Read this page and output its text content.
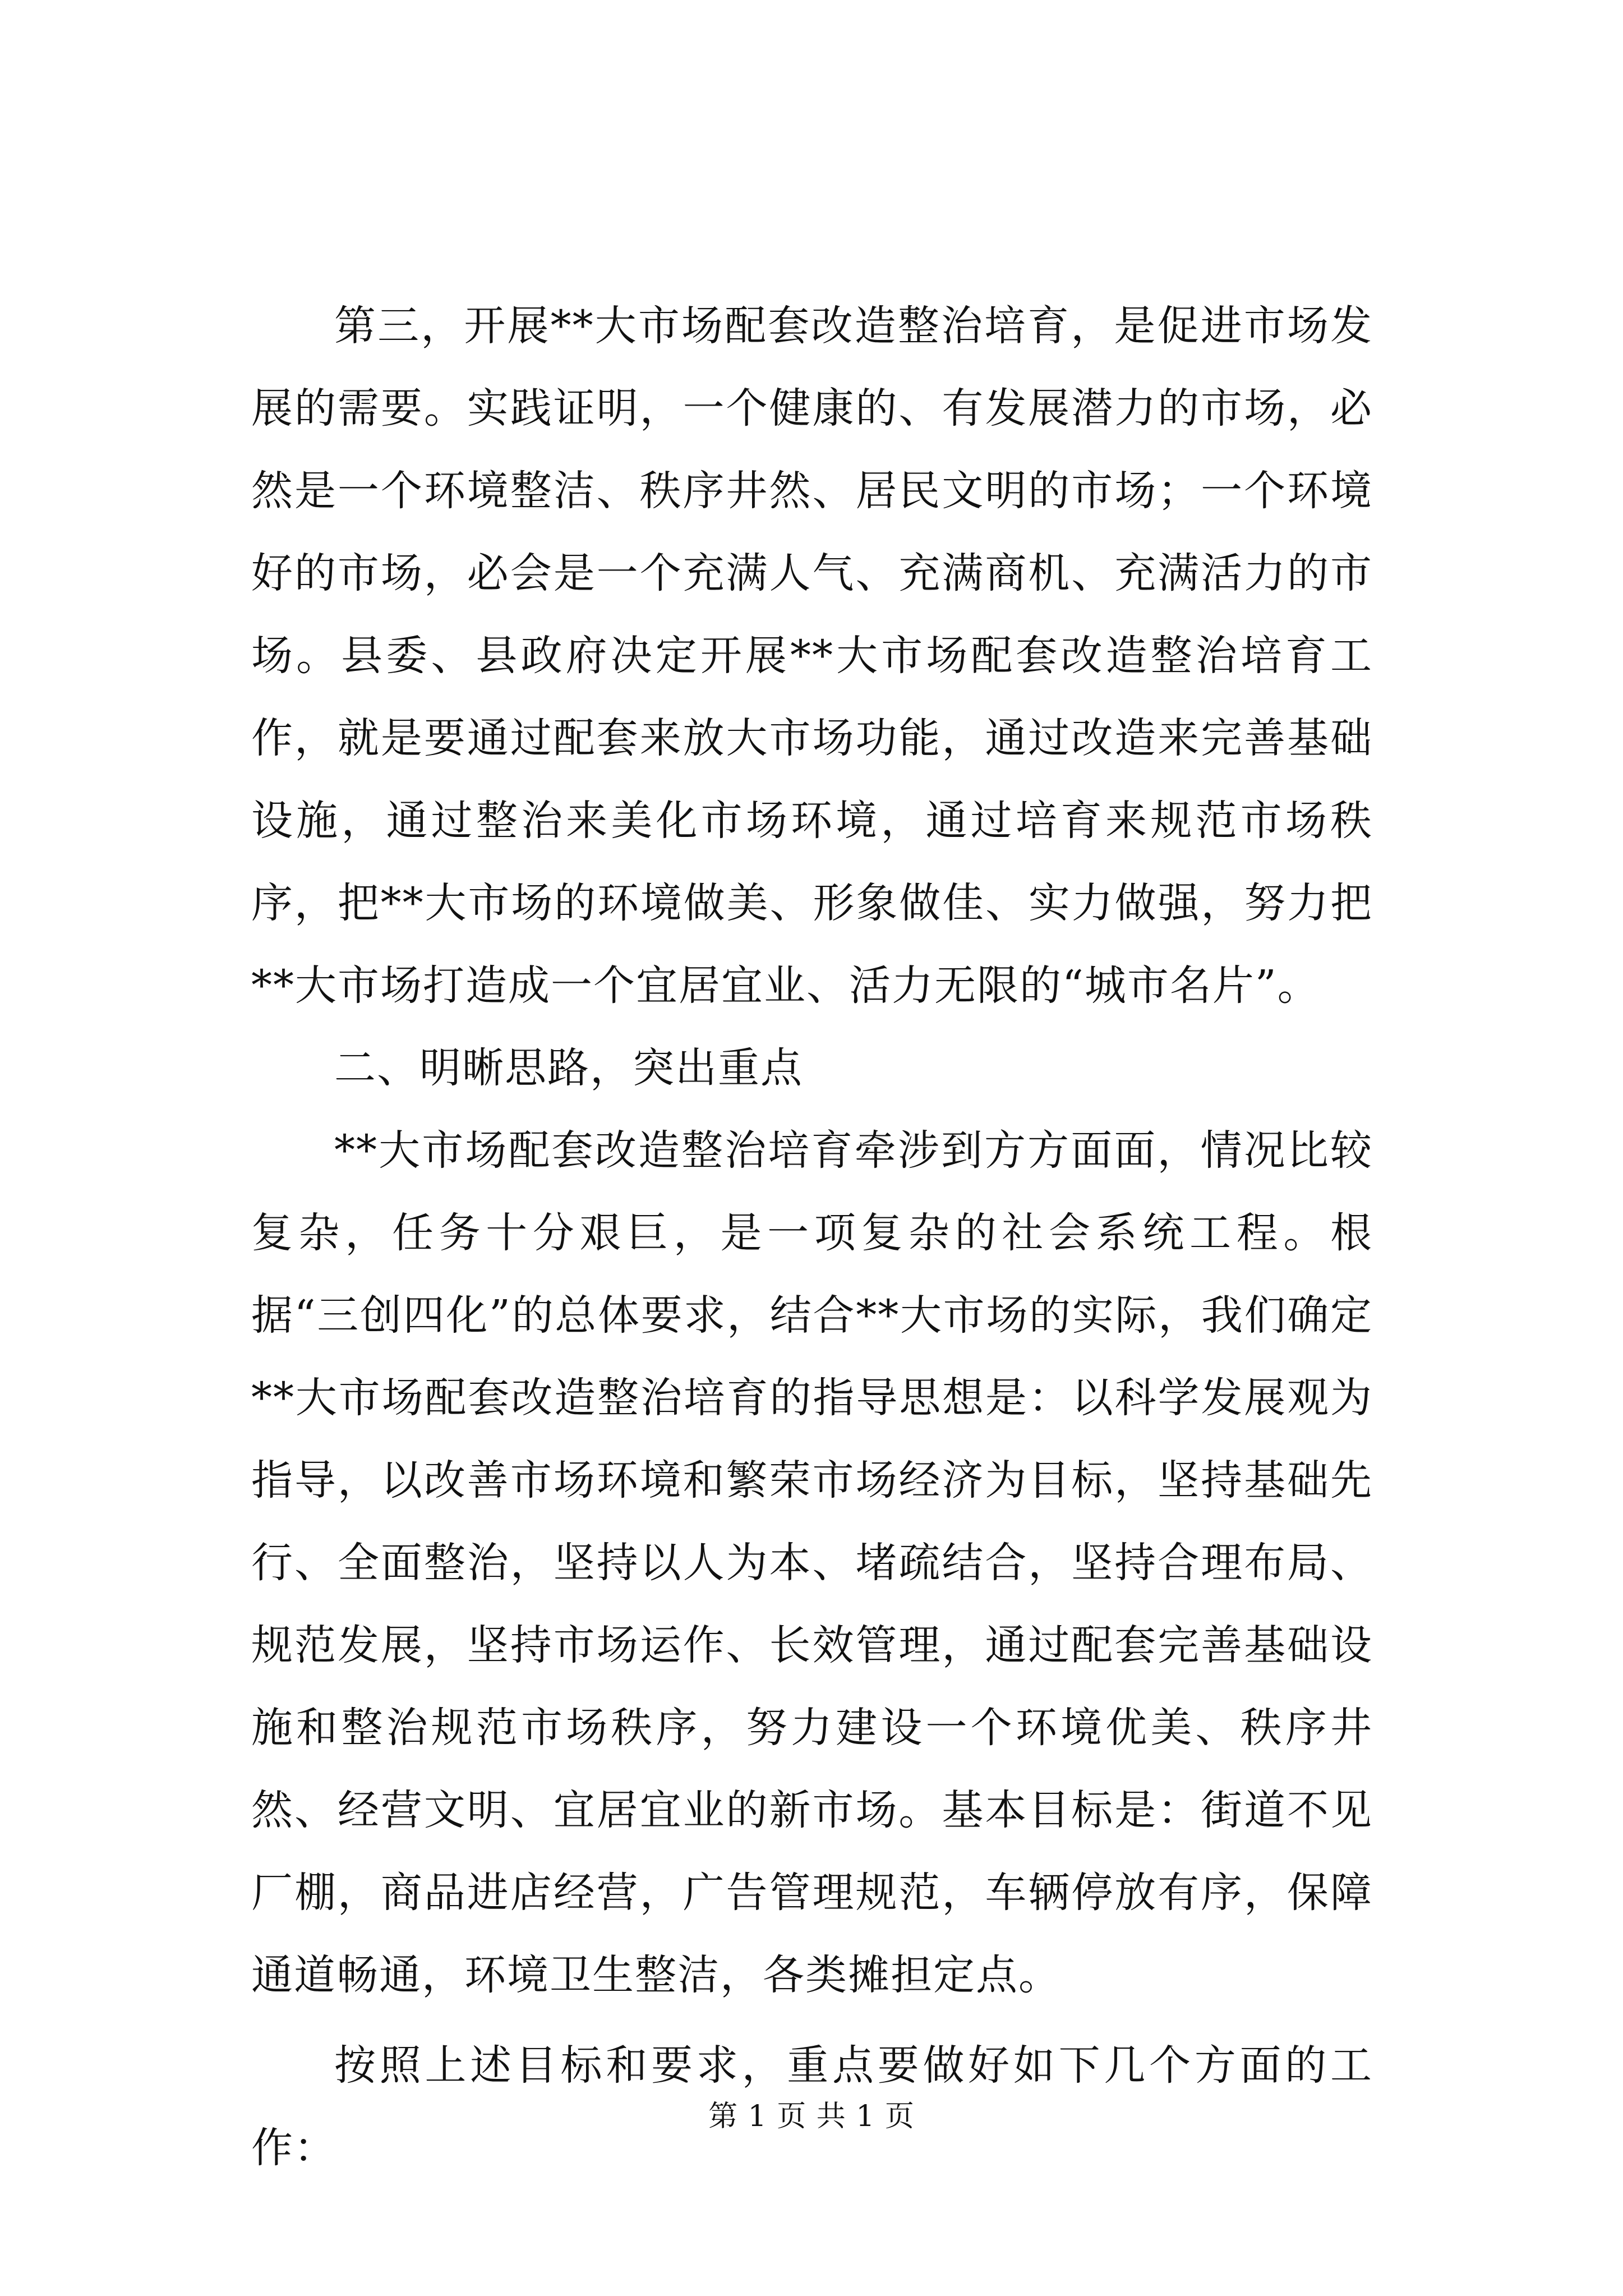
第三，开展**大市场配套改造整治培育，是促进市场发展的需要。实践证明，一个健康的、有发展潜力的市场，必然是一个环境整洁、秩序井然、居民文明的市场；一个环境好的市场，必会是一个充满人气、充满商机、充满活力的市场。县委、县政府决定开展**大市场配套改造整治培育工作，就是要通过配套来放大市场功能，通过改造来完善基础设施，通过整治来美化市场环境，通过培育来规范市场秩序，把**大市场的环境做美、形象做佳、实力做强，努力把**大市场打造成一个宜居宜业、活力无限的“城市名片”。

二、明晰思路，突出重点

**大市场配套改造整治培育牵涉到方方面面，情况比较复杂，任务十分艰巨，是一项复杂的社会系统工程。根据“三创四化”的总体要求，结合**大市场的实际，我们确定**大市场配套改造整治培育的指导思想是：以科学发展观为指导，以改善市场环境和繁荣市场经济为目标，坚持基础先行、全面整治，坚持以人为本、堵疏结合，坚持合理布局、规范发展，坚持市场运作、长效管理，通过配套完善基础设施和整治规范市场秩序，努力建设一个环境优美、秩序井然、经营文明、宜居宜业的新市场。基本目标是：街道不见厂棚，商品进店经营，广告管理规范，车辆停放有序，保障通道畅通，环境卫生整洁，各类摊担定点。

按照上述目标和要求，重点要做好如下几个方面的工作：

第 1 页 共 1 页
